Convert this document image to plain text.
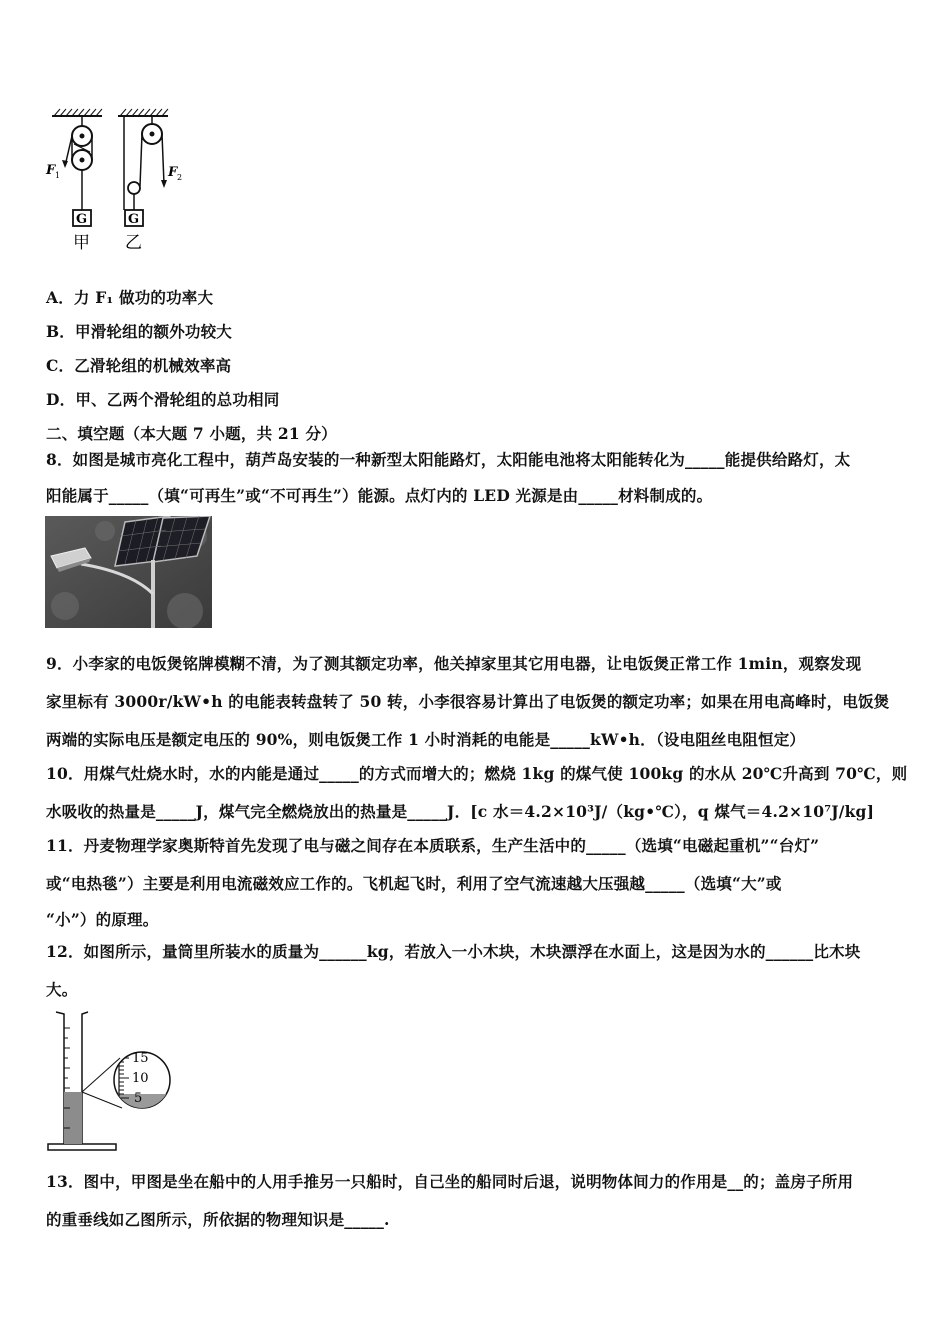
F 1	F 2
G	G
甲 乙
A．力 F₁ 做功的功率大
B．甲滑轮组的额外功较大
C．乙滑轮组的机械效率高
D．甲、乙两个滑轮组的总功相同
二、填空题（本大题 7 小题，共 21 分）
8．如图是城市亮化工程中，葫芦岛安装的一种新型太阳能路灯，太阳能电池将太阳能转化为_____能提供给路灯，太
阳能属于_____（填“可再生”或“不可再生”）能源。点灯内的 LED 光源是由_____材料制成的。
9．小李家的电饭煲铭牌模糊不清，为了测其额定功率，他关掉家里其它用电器，让电饭煲正常工作 1min，观察发现
家里标有 3000r/kW•h 的电能表转盘转了 50 转，小李很容易计算出了电饭煲的额定功率；如果在用电高峰时，电饭煲
两端的实际电压是额定电压的 90%，则电饭煲工作 1 小时消耗的电能是_____kW•h．（设电阻丝电阻恒定）
10．用煤气灶烧水时，水的内能是通过_____的方式而增大的；燃烧 1kg 的煤气使 100kg 的水从 20℃升高到 70℃，则
水吸收的热量是_____J，煤气完全燃烧放出的热量是_____J．[c 水＝4.2×10³J/（kg•℃），q 煤气＝4.2×10⁷J/kg]
11．丹麦物理学家奥斯特首先发现了电与磁之间存在本质联系，生产生活中的_____（选填“电磁起重机”“台灯”
或“电热毯”）主要是利用电流磁效应工作的。飞机起飞时，利用了空气流速越大压强越_____（选填“大”或
“小”）的原理。
12．如图所示，量筒里所装水的质量为______kg，若放入一小木块，木块漂浮在水面上，这是因为水的______比木块
大。
15
10
5
13．图中，甲图是坐在船中的人用手推另一只船时，自己坐的船同时后退，说明物体间力的作用是__的；盖房子所用
的重垂线如乙图所示，所依据的物理知识是_____.
